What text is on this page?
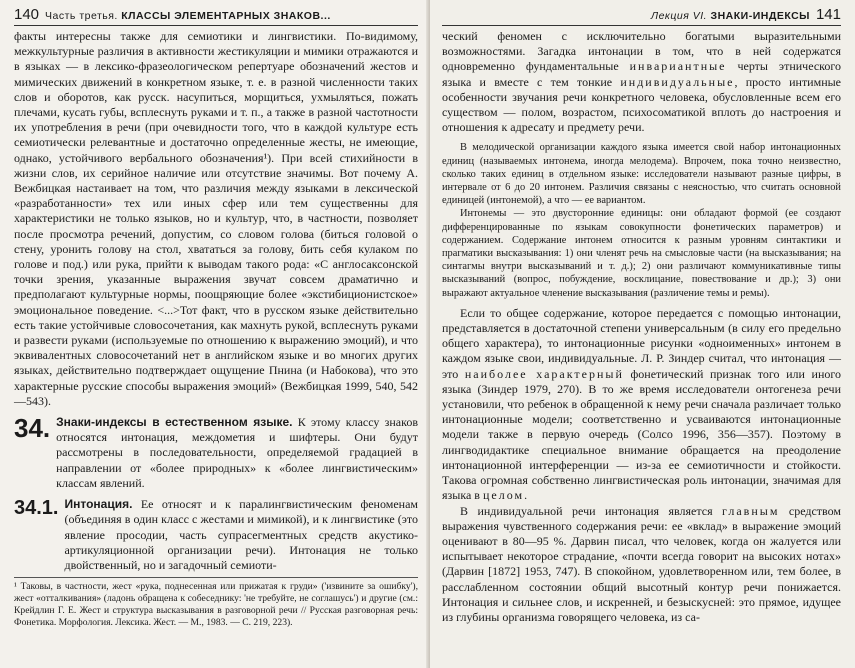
140 Часть третья. КЛАССЫ ЭЛЕМЕНТАРНЫХ ЗНАКОВ...

факты интересны также для семиотики и лингвистики. По-видимому, межкультурные различия в активности жестикуляции и мимики отражаются и в языках — в лексико-фразеологическом репертуаре обозначений жестов и мимических движений в конкретном языке, т. е. в разной численности таких слов и оборотов, как русск. насупиться, морщиться, ухмыляться, пожать плечами, кусать губы, всплеснуть руками и т. п., а также в разной частотности их употребления в речи (при очевидности того, что в каждой культуре есть семиотически релевантные и достаточно определенные жесты, не имеющие, однако, устойчивого вербального обозначения¹). При всей стихийности в жизни слов, их серийное наличие или отсутствие значимы. Вот почему А. Вежбицкая настаивает на том, что различия между языками в лексической «разработанности» тех или иных сфер или тем существенны для характеристики не только языков, но и культур, что, в частности, позволяет после просмотра речений, допустим, со словом голова (биться головой о стену, уронить голову на стол, хвататься за голову, бить себя кулаком по голове и под.) или рука, прийти к выводам такого рода: «С англосаксонской точки зрения, указанные выражения звучат совсем драматично и предполагают культурные нормы, поощряющие более «экстибиционистское» эмоциональное поведение. <...>Тот факт, что в русском языке действительно есть такие устойчивые словосочетания, как махнуть рукой, всплеснуть руками и развести руками (используемые по отношению к выражению эмоций), и что эквивалентных словосочетаний нет в английском языке и во многих других языках, действительно подтверждает ощущение Пнина (и Набокова), что это характерные русские способы выражения эмоций» (Вежбицкая 1999, 540, 542—543).

34. Знаки-индексы в естественном языке. К этому классу знаков относятся интонация, междометия и шифтеры. Они будут рассмотрены в последовательности, определяемой градацией в направлении от «более природных» к «более лингвистическим» классам явлений.

34.1. Интонация. Ее относят и к паралингвистическим феноменам (объединяя в один класс с жестами и мимикой), и к лингвистике (это явление просодии, часть супрасегментных средств акустико-артикуляционной организации речи). Интонация не только двойственный, но и загадочный семиоти-

¹ Таковы, в частности, жест «рука, поднесенная или прижатая к груди» ('извините за ошибку'), жест «отталкивания» (ладонь обращена к собеседнику: 'не требуйте, не соглашусь') и другие (см.: Крейдлин Г. Е. Жест и структура высказывания в разговорной речи // Русская разговорная речь: Фонетика. Морфология. Лексика. Жест. — М., 1983. — С. 219, 223).

Лекция VI. ЗНАКИ-ИНДЕКСЫ 141

ческий феномен с исключительно богатыми выразительными возможностями. Загадка интонации в том, что в ней содержатся одновременно фундаментальные инвариантные черты этнического языка и вместе с тем тонкие индивидуальные, просто интимные особенности звучания речи конкретного человека, обусловленные всем его существом — полом, возрастом, психосоматикой вплоть до настроения и отношения к адресату и предмету речи.

В мелодической организации каждого языка имеется свой набор интонационных единиц (называемых интонема, иногда мелодема). Впрочем, пока точно неизвестно, сколько таких единиц в отдельном языке: исследователи называют разные цифры, в интервале от 6 до 20 интонем. Различия связаны с неясностью, что считать основной единицей (интонемой), а что — ее вариантом.

Интонемы — это двусторонние единицы: они обладают формой (ее создают дифференцированные по языкам совокупности фонетических параметров) и содержанием. Содержание интонем относится к разным уровням синтактики и прагматики высказывания: 1) они членят речь на смысловые части (на высказывания; на синтагмы внутри высказываний и т. д.); 2) они различают коммуникативные типы высказываний (вопрос, побуждение, восклицание, повествование и др.); 3) они выражают актуальное членение высказывания (различение темы и ремы).

Если то общее содержание, которое передается с помощью интонации, представляется в достаточной степени универсальным (в силу его предельно общего характера), то интонационные рисунки «одноименных» интонем в каждом языке свои, индивидуальные. Л. Р. Зиндер считал, что интонация — это наиболее характерный фонетический признак того или иного языка (Зиндер 1979, 270). В то же время исследователи онтогенеза речи установили, что ребенок в обращенной к нему речи сначала различает только интонационные модели; соответственно и усваиваются интонационные модели также в первую очередь (Солсо 1996, 356—357). Поэтому в лингводидактике специальное внимание обращается на преодоление интонационной интерференции — из-за ее семиотичности и стойкости. Такова огромная собственно лингвистическая роль интонации, значимая для языка в целом.

В индивидуальной речи интонация является главным средством выражения чувственного содержания речи: ее «вклад» в выражение эмоций оценивают в 80—95 %. Дарвин писал, что человек, когда он жалуется или испытывает некоторое страдание, «почти всегда говорит на высоких нотах» (Дарвин [1872] 1953, 747). В спокойном, удовлетворенном или, тем более, в расслабленном состоянии общий высотный контур речи понижается. Интонация и сильнее слов, и искренней, и безыскусней: это прямое, идущее из глубины организма говорящего человека, из са-
